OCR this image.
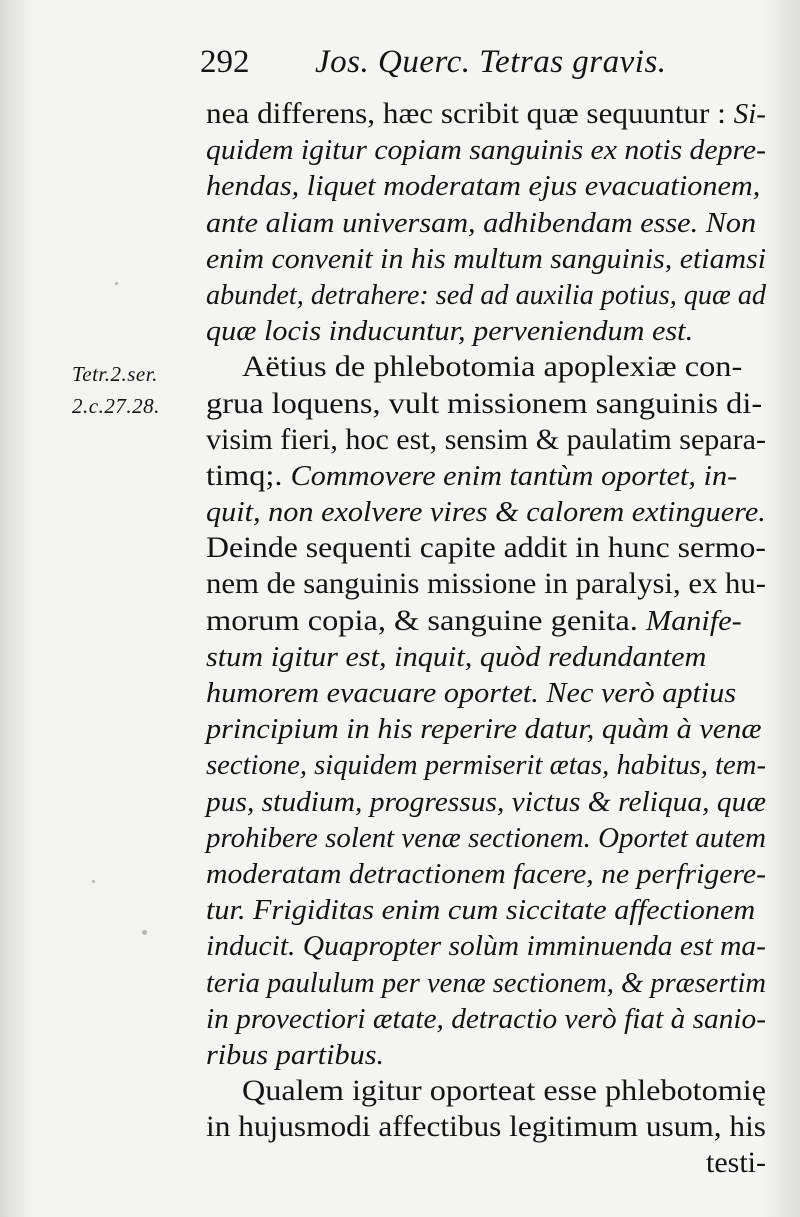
292 Jos. Querc. Tetras gravis.
Tetr.2.ser.
2.c.27.28.
nea differens, hæc scribit quæ sequuntur : Si-
quidem igitur copiam sanguinis ex notis depre-
hendas, liquet moderatam ejus evacuationem,
ante aliam universam, adhibendam esse. Non
enim convenit in his multum sanguinis, etiamsi
abundet, detrahere: sed ad auxilia potius, quæ ad
quæ locis inducuntur, perveniendum est.
Aëtius de phlebotomia apoplexiæ con-
grua loquens, vult missionem sanguinis di-
visim fieri, hoc est, sensim & paulatim separa-
timq;. Commovere enim tantùm oportet, in-
quit, non exolvere vires & calorem extinguere.
Deinde sequenti capite addit in hunc sermo-
nem de sanguinis missione in paralysi, ex hu-
morum copia, & sanguine genita. Manife-
stum igitur est, inquit, quòd redundantem
humorem evacuare oportet. Nec verò aptius
principium in his reperire datur, quàm à venæ
sectione, siquidem permiserit ætas, habitus, tem-
pus, studium, progressus, victus & reliqua, quæ
prohibere solent venæ sectionem. Oportet autem
moderatam detractionem facere, ne perfrigere-
tur. Frigiditas enim cum siccitate affectionem
inducit. Quapropter solùm imminuenda est ma-
teria paululum per venæ sectionem, & præsertim
in provectiori ætate, detractio verò fiat à sanio-
ribus partibus.
Qualem igitur oporteat esse phlebotomię
in hujusmodi affectibus legitimum usum, his
testi-
